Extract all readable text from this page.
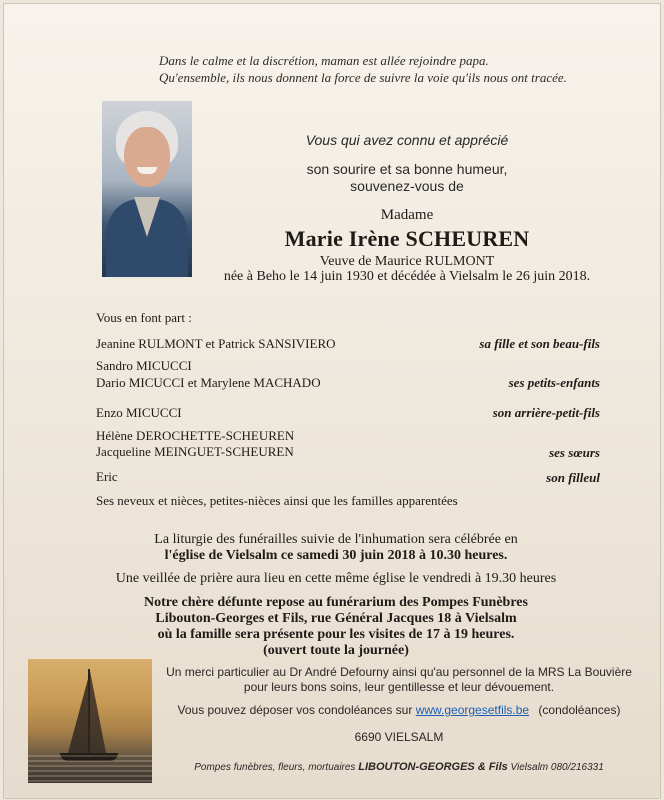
Dans le calme et la discrétion, maman est allée rejoindre papa.
Qu'ensemble, ils nous donnent la force de suivre la voie qu'ils nous ont tracée.
Vous qui avez connu et apprécié
son sourire et sa bonne humeur,
souvenez-vous de
Madame
Marie Irène SCHEUREN
Veuve de Maurice RULMONT
née à Beho le 14 juin 1930 et décédée à Vielsalm le 26 juin 2018.
Vous en font part :
Jeanine RULMONT et Patrick SANSIVIERO	sa fille et son beau-fils
Sandro MICUCCI
Dario MICUCCI et Marylene MACHADO	ses petits-enfants
Enzo MICUCCI	son arrière-petit-fils
Hélène DEROCHETTE-SCHEUREN
Jacqueline MEINGUET-SCHEUREN	ses sœurs
Eric	son filleul
Ses neveux et nièces, petites-nièces ainsi que les familles apparentées
La liturgie des funérailles suivie de l'inhumation sera célébrée en
l'église de Vielsalm ce samedi 30 juin 2018 à 10.30 heures.
Une veillée de prière aura lieu en cette même église le vendredi à 19.30 heures
Notre chère défunte repose au funérarium des Pompes Funèbres
Libouton-Georges et Fils, rue Général Jacques 18 à Vielsalm
où la famille sera présente pour les visites de 17 à 19 heures.
(ouvert toute la journée)
Un merci particulier au Dr André Defourny ainsi qu'au personnel de la MRS La Bouvière
pour leurs bons soins, leur gentillesse et leur dévouement.
Vous pouvez déposer vos condoléances sur www.georgesetfils.be (condoléances)
6690 VIELSALM
Pompes funèbres, fleurs, mortuaires LIBOUTON-GEORGES & Fils Vielsalm 080/216331
